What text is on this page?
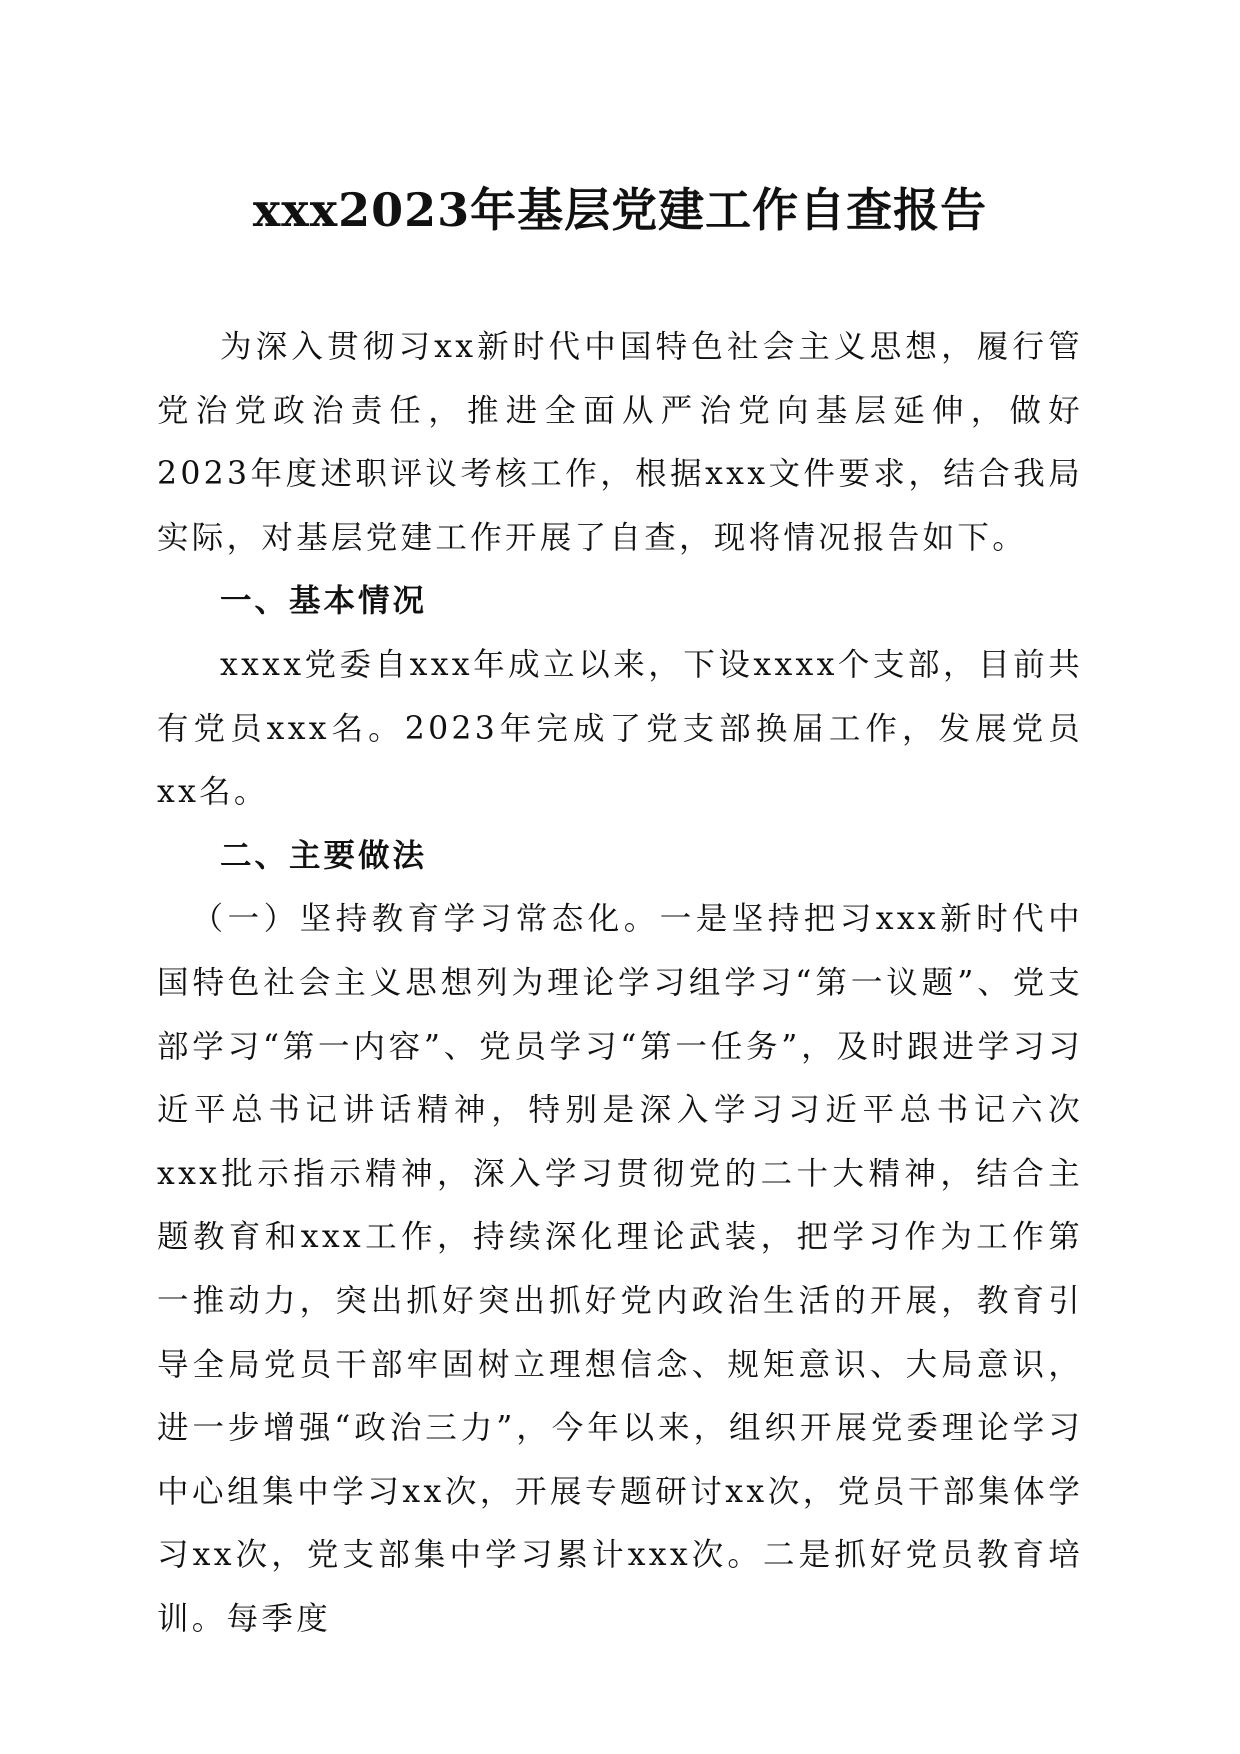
xxx2023年基层党建工作自查报告

为深入贯彻习xx新时代中国特色社会主义思想，履行管党治党政治责任，推进全面从严治党向基层延伸，做好2023年度述职评议考核工作，根据xxx文件要求，结合我局实际，对基层党建工作开展了自查，现将情况报告如下。

一、基本情况

xxxx党委自xxx年成立以来，下设xxxx个支部，目前共有党员xxx名。2023年完成了党支部换届工作，发展党员xx名。

二、主要做法

（一）坚持教育学习常态化。一是坚持把习xxx新时代中国特色社会主义思想列为理论学习组学习“第一议题”、党支部学习“第一内容”、党员学习“第一任务”，及时跟进学习习近平总书记讲话精神，特别是深入学习习近平总书记六次xxx批示指示精神，深入学习贯彻党的二十大精神，结合主题教育和xxx工作，持续深化理论武装，把学习作为工作第一推动力，突出抓好突出抓好党内政治生活的开展，教育引导全局党员干部牢固树立理想信念、规矩意识、大局意识，进一步增强“政治三力”，今年以来，组织开展党委理论学习中心组集中学习xx次，开展专题研讨xx次，党员干部集体学习xx次，党支部集中学习累计xxx次。二是抓好党员教育培训。每季度
